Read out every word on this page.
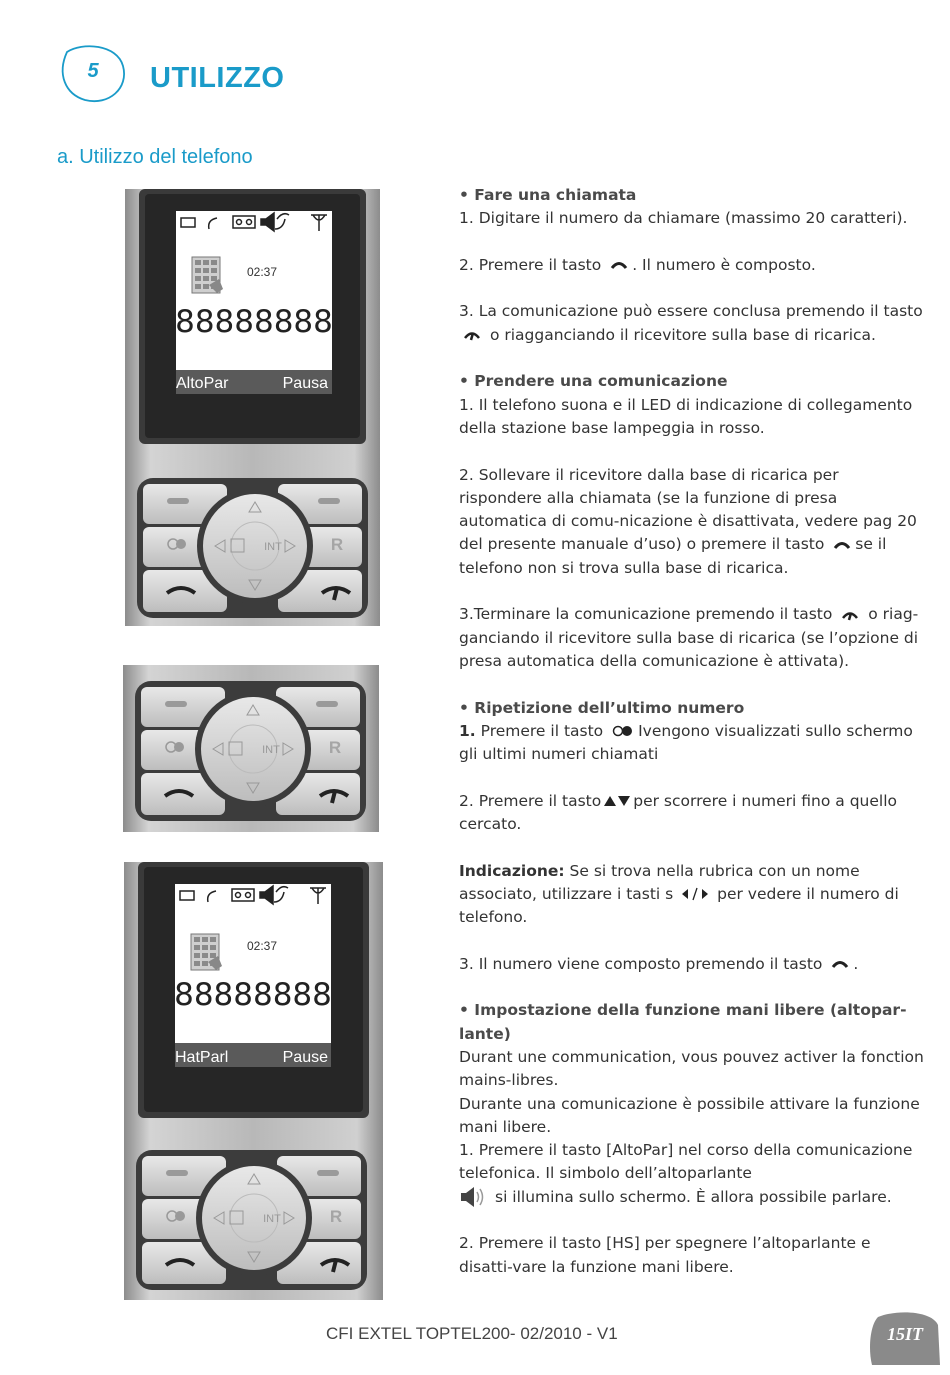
5	UTILIZZO
a. Utilizzo del telefono
02:37
88888888
AltoPar	Pausa
R
INT
R
INT
02:37
88888888
HatParl	Pause
R
INT

• Fare una chiamata

1. Digitare il numero da chiamare (massimo 20 caratteri).

2. Premere il tasto . Il numero è composto.

3. La comunicazione può essere conclusa premendo il tasto  o riagganciando il ricevitore sulla base di ricarica.

• Prendere una comunicazione

1. Il telefono suona e il LED di indicazione di collegamento della stazione base lampeggia in rosso.

2. Sollevare il ricevitore dalla base di ricarica per rispondere alla chiamata (se la funzione di presa automatica di comu-nicazione è disattivata, vedere pag 20 del presente manuale d’uso) o premere il tasto se il telefono non si trova sulla base di ricarica.

3.Terminare la comunicazione premendo il tasto o riag-ganciando il ricevitore sulla base di ricarica (se l’opzione di presa automatica della comunicazione è attivata).

• Ripetizione dell’ultimo numero

1. Premere il tasto Ivengono visualizzati sullo schermo gli ultimi numeri chiamati

2. Premere il tasto per scorrere i numeri fino a quello cercato.

Indicazione: Se si trova nella rubrica con un nome associato, utilizzare i tasti s	per vedere il numero di telefono.

3. Il numero viene composto premendo il tasto .

• Impostazione della funzione mani libere (altopar-lante)

Durant une communication, vous pouvez activer la fonction mains-libres.

Durante una comunicazione è possibile attivare la funzione mani libere.

1. Premere il tasto [AltoPar] nel corso della comunicazione telefonica. Il simbolo dell’altoparlante
si illumina sullo schermo. È allora possibile parlare.

2. Premere il tasto [HS] per spegnere l’altoparlante e disatti-vare la funzione mani libere.

CFI EXTEL TOPTEL200- 02/2010 - V1	15IT
